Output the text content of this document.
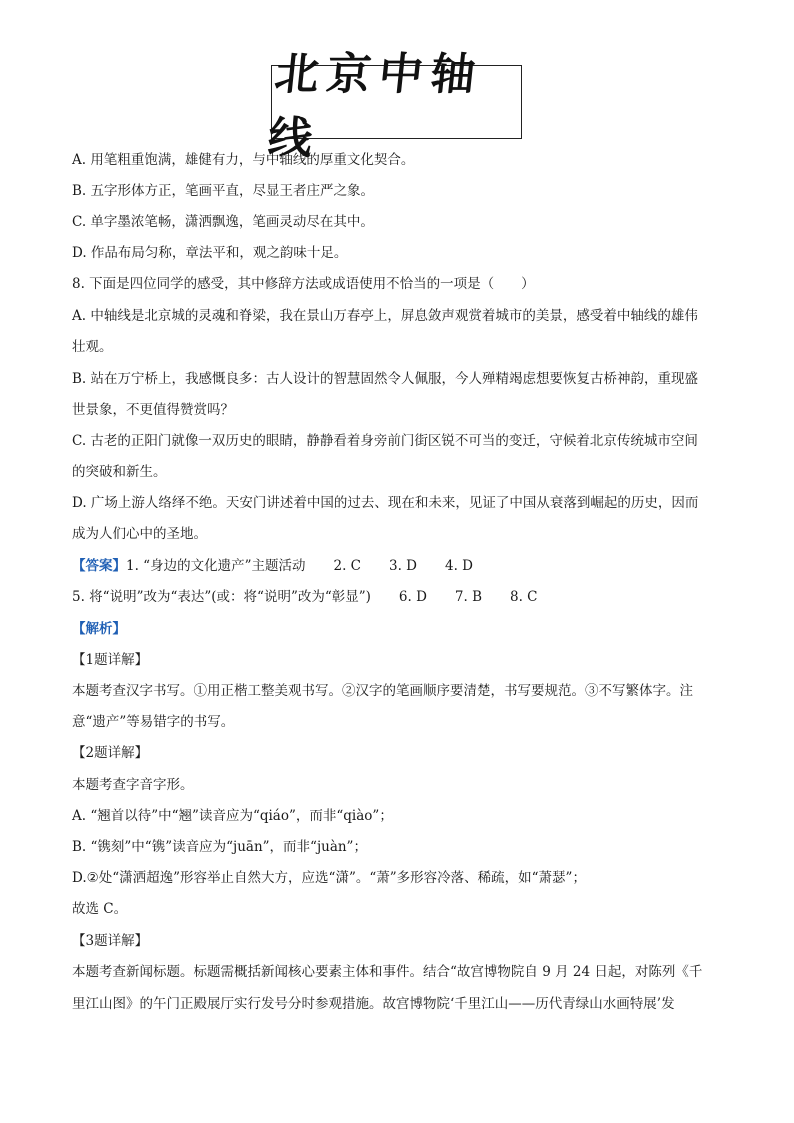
北京中轴线
A. 用笔粗重饱满，雄健有力，与中轴线的厚重文化契合。
B. 五字形体方正，笔画平直，尽显王者庄严之象。
C. 单字墨浓笔畅，潇洒飘逸，笔画灵动尽在其中。
D. 作品布局匀称，章法平和，观之韵味十足。
8. 下面是四位同学的感受，其中修辞方法或成语使用不恰当的一项是（　　）
A. 中轴线是北京城的灵魂和脊梁，我在景山万春亭上，屏息敛声观赏着城市的美景，感受着中轴线的雄伟
壮观。
B. 站在万宁桥上，我感慨良多：古人设计的智慧固然令人佩服，今人殚精竭虑想要恢复古桥神韵，重现盛
世景象，不更值得赞赏吗？
C. 古老的正阳门就像一双历史的眼睛，静静看着身旁前门街区锐不可当的变迁，守候着北京传统城市空间
的突破和新生。
D. 广场上游人络绎不绝。天安门讲述着中国的过去、现在和未来，见证了中国从衰落到崛起的历史，因而
成为人们心中的圣地。
【答案】1. “身边的文化遗产”主题活动 2. C 3. D 4. D
5. 将“说明”改为“表达”(或：将“说明”改为“彰显”) 6. D 7. B 8. C
【解析】
【1题详解】
本题考查汉字书写。①用正楷工整美观书写。②汉字的笔画顺序要清楚，书写要规范。③不写繁体字。注
意“遗产”等易错字的书写。
【2题详解】
本题考查字音字形。
A. “翘首以待”中“翘”读音应为“qiáo”，而非“qiào”；
B. “镌刻”中“镌”读音应为“juān”，而非“juàn”；
D.②处“潇洒超逸”形容举止自然大方，应选“潇”。“萧”多形容冷落、稀疏，如“萧瑟”；
故选 C。
【3题详解】
本题考查新闻标题。标题需概括新闻核心要素主体和事件。结合“故宫博物院自 9 月 24 日起，对陈列《千
里江山图》的午门正殿展厅实行发号分时参观措施。故宫博物院‘千里江山——历代青绿山水画特展’发
